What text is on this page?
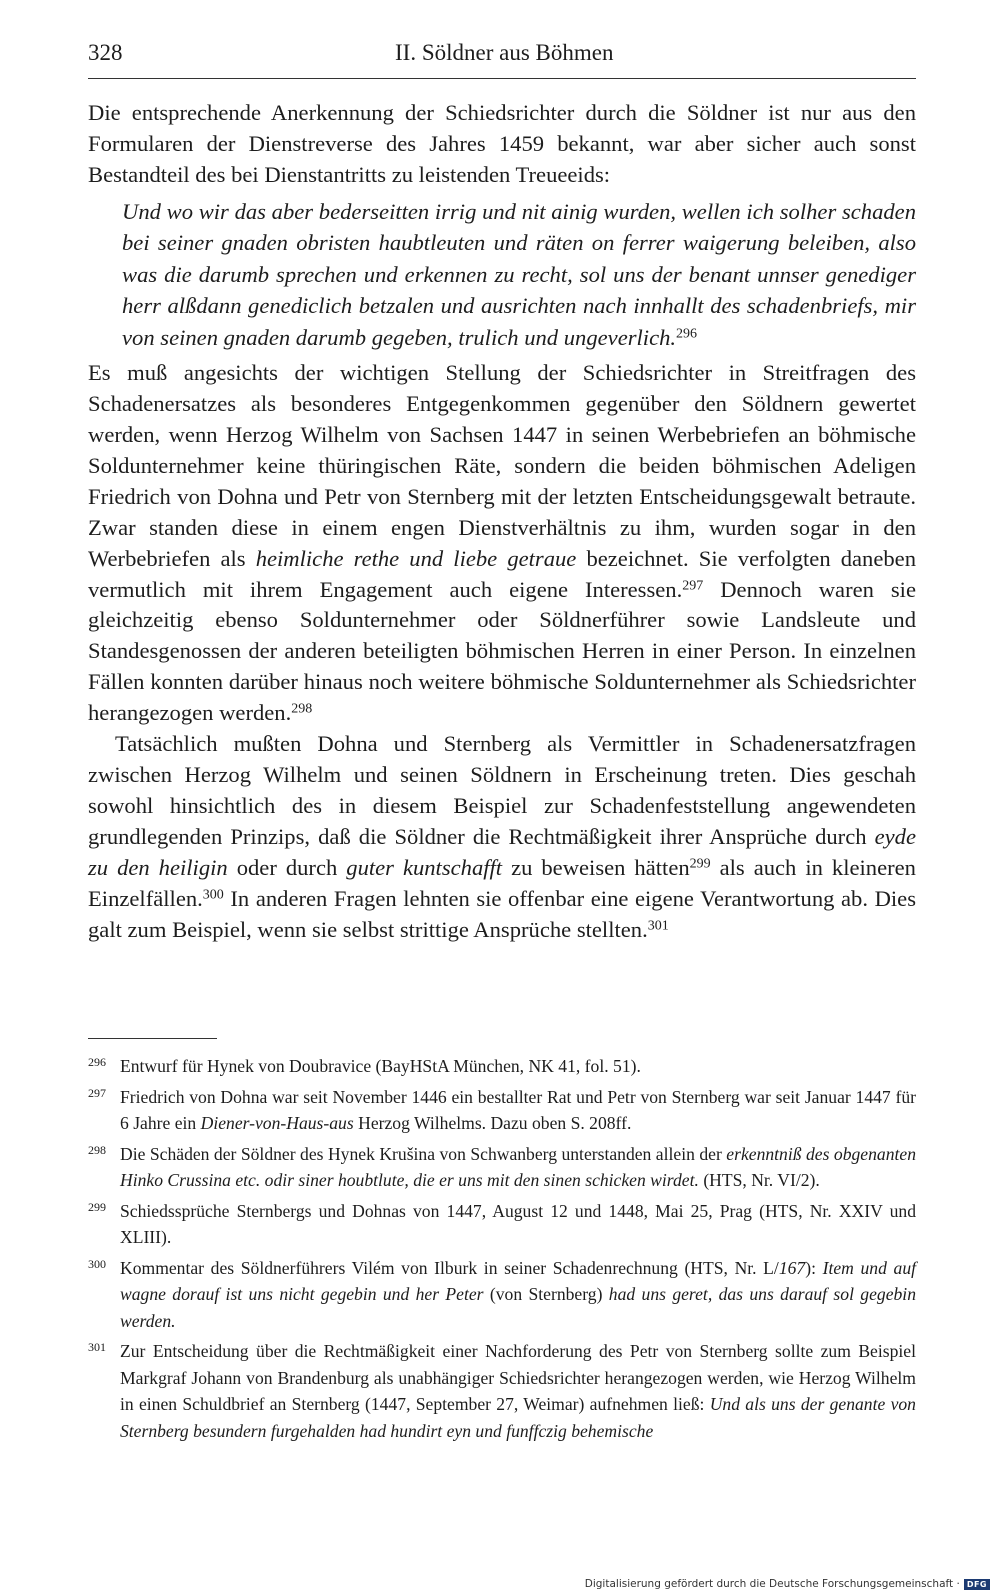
328	II. Söldner aus Böhmen

Die entsprechende Anerkennung der Schiedsrichter durch die Söldner ist nur aus den Formularen der Dienstreverse des Jahres 1459 bekannt, war aber sicher auch sonst Bestandteil des bei Dienstantritts zu leistenden Treueeids:

Und wo wir das aber bederseitten irrig und nit ainig wurden, wellen ich solher schaden bei seiner gnaden obristen haubtleuten und räten on ferrer waigerung beleiben, also was die darumb sprechen und erkennen zu recht, sol uns der benant unnser genediger herr alßdann genediclich betzalen und ausrichten nach innhallt des schadenbriefs, mir von seinen gnaden darumb gegeben, trulich und ungeverlich.$^{296}$

Es muß angesichts der wichtigen Stellung der Schiedsrichter in Streitfragen des Schadenersatzes als besonderes Entgegenkommen gegenüber den Söldnern gewertet werden, wenn Herzog Wilhelm von Sachsen 1447 in seinen Werbebriefen an böhmische Soldunternehmer keine thüringischen Räte, sondern die beiden böhmischen Adeligen Friedrich von Dohna und Petr von Sternberg mit der letzten Entscheidungsgewalt betraute. Zwar standen diese in einem engen Dienstverhältnis zu ihm, wurden sogar in den Werbebriefen als heimliche rethe und liebe getraue bezeichnet. Sie verfolgten daneben vermutlich mit ihrem Engagement auch eigene Interessen.$^{297}$ Dennoch waren sie gleichzeitig ebenso Soldunternehmer oder Söldnerführer sowie Landsleute und Standesgenossen der anderen beteiligten böhmischen Herren in einer Person. In einzelnen Fällen konnten darüber hinaus noch weitere böhmische Soldunternehmer als Schiedsrichter herangezogen werden.$^{298}$

Tatsächlich mußten Dohna und Sternberg als Vermittler in Schadenersatzfragen zwischen Herzog Wilhelm und seinen Söldnern in Erscheinung treten. Dies geschah sowohl hinsichtlich des in diesem Beispiel zur Schadenfeststellung angewendeten grundlegenden Prinzips, daß die Söldner die Rechtmäßigkeit ihrer Ansprüche durch eyde zu den heiligin oder durch guter kuntschafft zu beweisen hätten$^{299}$ als auch in kleineren Einzelfällen.$^{300}$ In anderen Fragen lehnten sie offenbar eine eigene Verantwortung ab. Dies galt zum Beispiel, wenn sie selbst strittige Ansprüche stellten.$^{301}$

296 Entwurf für Hynek von Doubravice (BayHStA München, NK 41, fol. 51).

297 Friedrich von Dohna war seit November 1446 ein bestallter Rat und Petr von Sternberg war seit Januar 1447 für 6 Jahre ein Diener-von-Haus-aus Herzog Wilhelms. Dazu oben S. 208ff.

298 Die Schäden der Söldner des Hynek Krušina von Schwanberg unterstanden allein der erkenntniß des obgenanten Hinko Crussina etc. odir siner houbtlute, die er uns mit den sinen schicken wirdet. (HTS, Nr. VI/2).

299 Schiedssprüche Sternbergs und Dohnas von 1447, August 12 und 1448, Mai 25, Prag (HTS, Nr. XXIV und XLIII).

300 Kommentar des Söldnerführers Vilém von Ilburk in seiner Schadenrechnung (HTS, Nr. L/167): Item und auf wagne dorauf ist uns nicht gegebin und her Peter (von Sternberg) had uns geret, das uns darauf sol gegebin werden.

301 Zur Entscheidung über die Rechtmäßigkeit einer Nachforderung des Petr von Sternberg sollte zum Beispiel Markgraf Johann von Brandenburg als unabhängiger Schiedsrichter herangezogen werden, wie Herzog Wilhelm in einen Schuldbrief an Sternberg (1447, September 27, Weimar) aufnehmen ließ: Und als uns der genante von Sternberg besundern furgehalden had hundirt eyn und funffczig behemische

Digitalisierung gefördert durch die Deutsche Forschungsgemeinschaft · DFG
